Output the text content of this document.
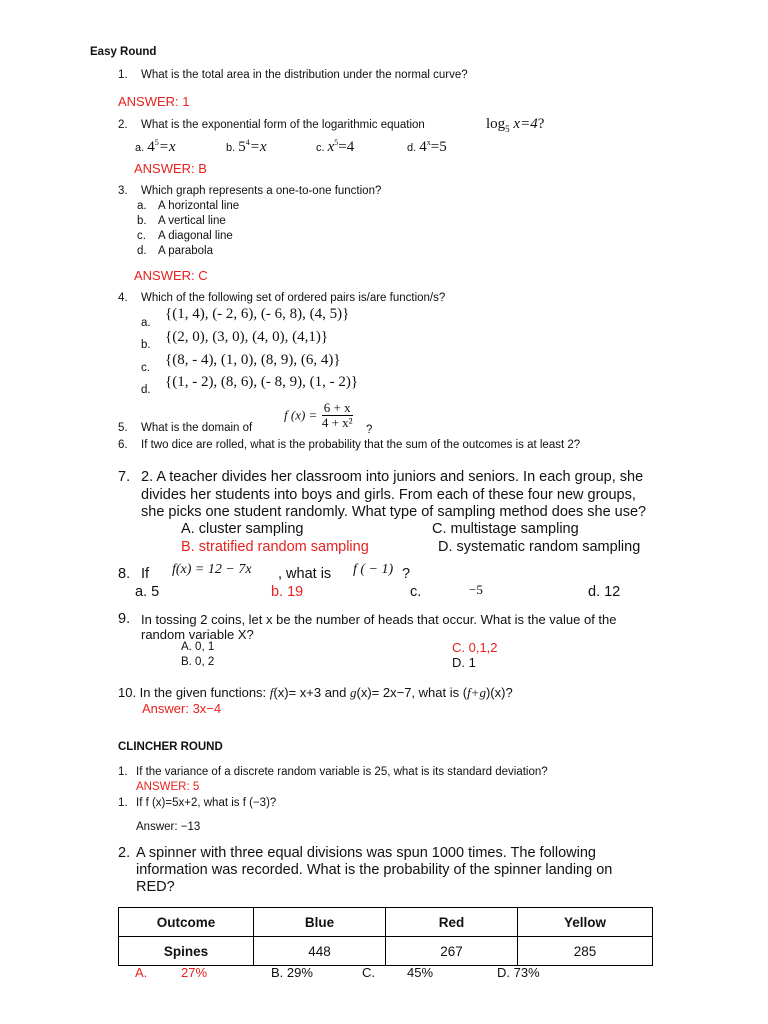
Easy Round
1. What is the total area in the distribution under the normal curve?
ANSWER: 1
2. What is the exponential form of the logarithmic equation	$\log_5 x=4$?
a. $4^5=x$	b. $5^4=x$	c. $x^5=4$	d. $4^x=5$
ANSWER: B
3. Which graph represents a one-to-one function?
a. A horizontal line
b. A vertical line
c. A diagonal line
d. A parabola
ANSWER: C
4. Which of the following set of ordered pairs is/are function/s?
a.
{(1, 4), (- 2, 6), (- 6, 8), (4, 5)}
b. {(2, 0), (3, 0), (4, 0), (4,1)}
c. {(8, - 4), (1, 0), (8, 9), (6, 4)}
d. {(1, - 2), (8, 6), (- 8, 9), (1, - 2)}
5. What is the domain of
f $(x) = \frac{6 + x}{\text{4 + x²}}$ ?
6. If two dice are rolled, what is the probability that the sum of the outcomes is at least 2?
7. 2. A teacher divides her classroom into juniors and seniors. In each group, she
divides her students into boys and girls. From each of these four new groups,
she picks one student randomly. What type of sampling method does she use?
A. cluster sampling	C. multistage sampling
B. stratified random sampling	D. systematic random sampling
8. If f(x) = 12 − 7x , what is f ( − 1) ?
a. 5	b. 19	c.	−5	d. 12
9. In tossing 2 coins, let x be the number of heads that occur. What is the value of the
random variable X?
A. 0, 1	C. 0,1,2
B. 0, 2	D. 1
10. In the given functions: f(x)= x+3 and g(x)= 2x−7, what is (f+g)(x)?
Answer: 3x−4
CLINCHER ROUND
1. If the variance of a discrete random variable is 25, what is its standard deviation?
ANSWER: 5
1. If f (x)=5x+2, what is f (−3)?
Answer: −13
2. A spinner with three equal divisions was spun 1000 times. The following
information was recorded. What is the probability of the spinner landing on
RED?
Outcome	Blue	Red	Yellow
Spines	448	267	285
A.	27%	B. 29%	C. 45%	D. 73%
